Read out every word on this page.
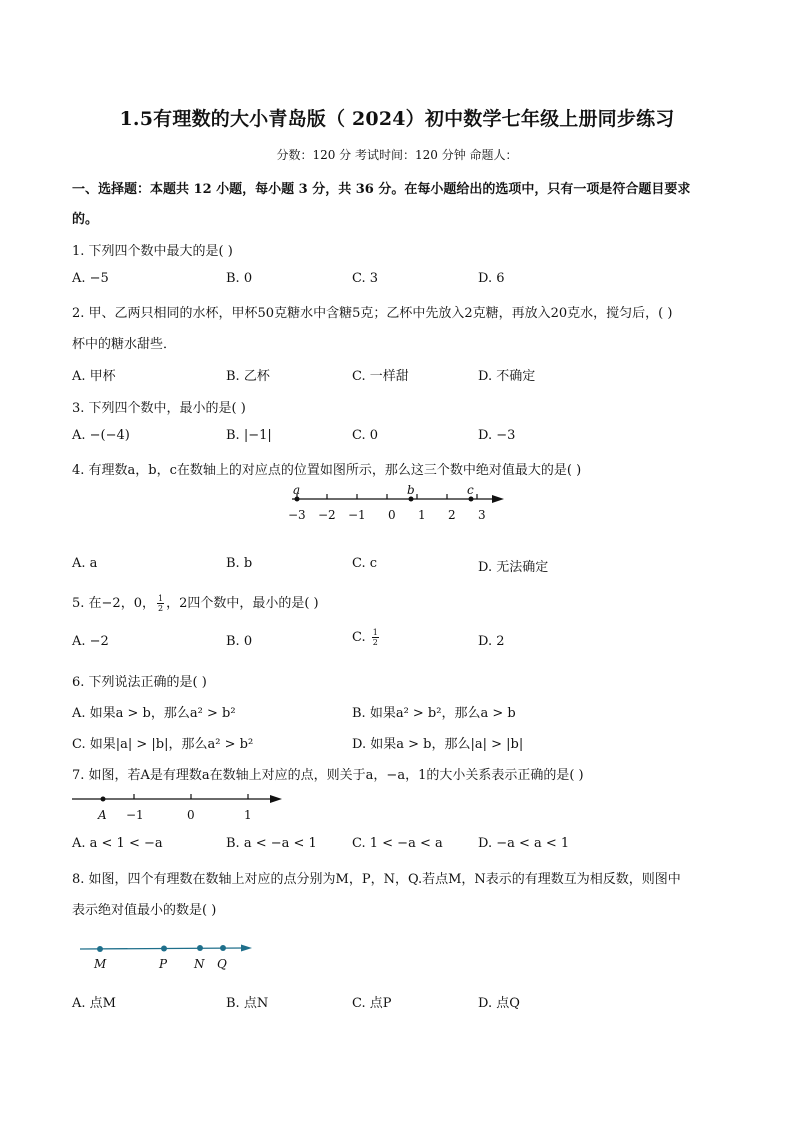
1.5有理数的大小青岛版（ 2024）初中数学七年级上册同步练习
分数：120 分 考试时间：120 分钟 命题人：
一、选择题：本题共 12 小题，每小题 3 分，共 36 分。在每小题给出的选项中，只有一项是符合题目要求
的。
1. 下列四个数中最大的是( )
A. −5	B. 0	C. 3	D. 6
2. 甲、乙两只相同的水杯，甲杯50克糖水中含糖5克；乙杯中先放入2克糖，再放入20克水，搅匀后，( )
杯中的糖水甜些．
A. 甲杯	B. 乙杯	C. 一样甜	D. 不确定
3. 下列四个数中，最小的是( )
A. −(−4)	B. |−1|	C. 0	D. −3
4. 有理数a，b，c在数轴上的对应点的位置如图所示，那么这三个数中绝对值最大的是( )
a	b	c
−3 −2 −1 0 1 2 3
A. a	B. b	C. c	D. 无法确定
5. 在−2，0， $\frac{1}{2}$ ，2四个数中，最小的是( )
A. −2	B. 0	C. $\frac{1}{2}$	D. 2
6. 下列说法正确的是( )
A. 如果a > b，那么a² > b²	B. 如果a² > b²，那么a > b
C. 如果|a| > |b|，那么a² > b²	D. 如果a > b，那么|a| > |b|
7. 如图，若A是有理数a在数轴上对应的点，则关于a，−a，1的大小关系表示正确的是( )
A −1	0	1
A. a < 1 < −a	B. a < −a < 1	C. 1 < −a < a	D. −a < a < 1
8. 如图，四个有理数在数轴上对应的点分别为M，P，N，Q.若点M，N表示的有理数互为相反数，则图中
表示绝对值最小的数是( )
M	P N Q
A. 点M	B. 点N	C. 点P	D. 点Q
